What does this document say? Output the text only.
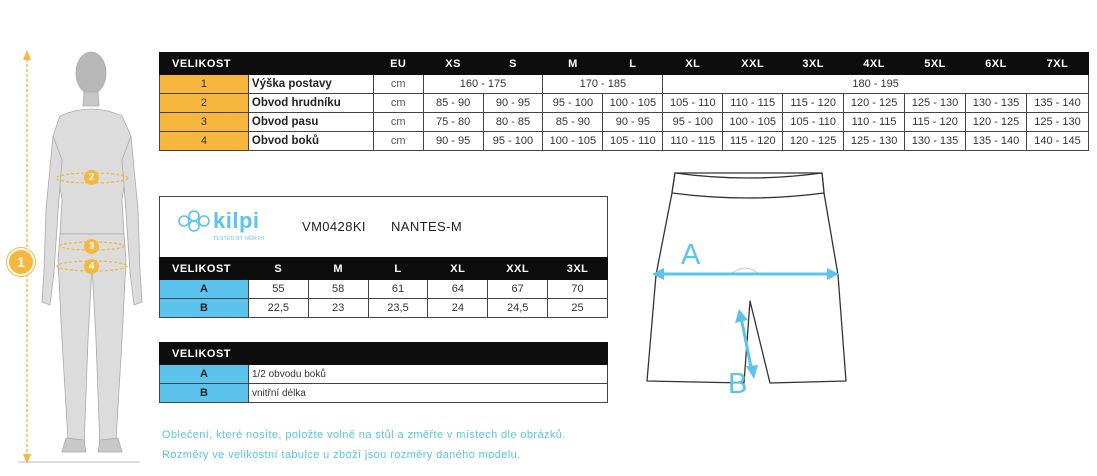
1
2
3
4
VELIKOST		EU	XS	S	M	L	XL	XXL	3XL	4XL	5XL	6XL	7XL
1	Výška postavy	cm	160 - 175		170 - 185		180 - 195						
2	Obvod hrudníku	cm	85 - 90	90 - 95	95 - 100	100 - 105	105 - 110	110 - 115	115 - 120	120 - 125	125 - 130	130 - 135	135 - 140
3	Obvod pasu	cm	75 - 80	80 - 85	85 - 90	90 - 95	95 - 100	100 - 105	105 - 110	110 - 115	115 - 120	120 - 125	125 - 130
4	Obvod boků	cm	90 - 95	95 - 100	100 - 105	105 - 110	110 - 115	115 - 120	120 - 125	125 - 130	130 - 135	135 - 140	140 - 145
kilpi
TESTED BY NORTH
VM0428KI NANTES-M
VELIKOST	S	M	L	XL	XXL	3XL
A	55	58	61	64	67	70
B	22,5	23	23,5	24	24,5	25
VELIKOST	
A	1/2 obvodu boků
B	vnitřní délka
A
B
Oblečení, které nosíte, položte volně na stůl a změřte v místech dle obrázků.
Rozměry ve velikostní tabulce u zboží jsou rozměry daného modelu.
